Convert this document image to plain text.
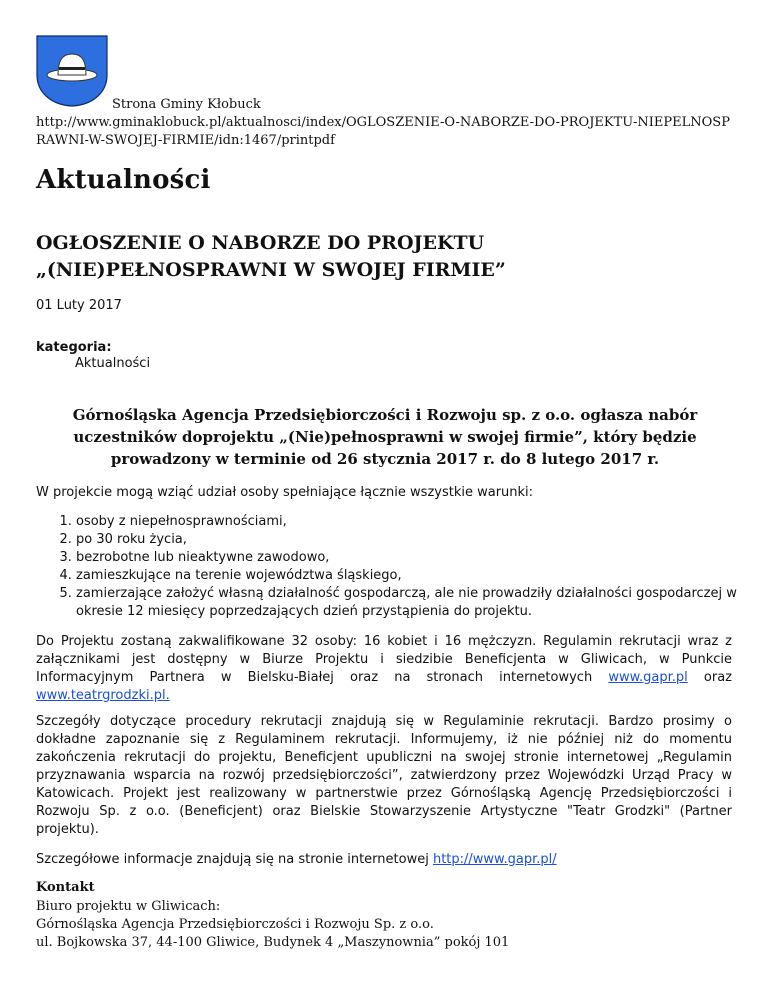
Strona Gminy Kłobuck
http://www.gminaklobuck.pl/aktualnosci/index/OGLOSZENIE-O-NABORZE-DO-PROJEKTU-NIEPELNOSPRAWNI-W-SWOJEJ-FIRMIE/idn:1467/printpdf
Aktualności
OGŁOSZENIE O NABORZE DO PROJEKTU „(NIE)PEŁNOSPRAWNI W SWOJEJ FIRMIE”
01 Luty 2017
kategoria:
Aktualności

Górnośląska Agencja Przedsiębiorczości i Rozwoju sp. z o.o. ogłasza nabór uczestników doprojektu „(Nie)pełnosprawni w swojej firmie”, który będzie prowadzony w terminie od 26 stycznia 2017 r. do 8 lutego 2017 r.

W projekcie mogą wziąć udział osoby spełniające łącznie wszystkie warunki:

1. osoby z niepełnosprawnościami,
2. po 30 roku życia,
3. bezrobotne lub nieaktywne zawodowo,
4. zamieszkujące na terenie województwa śląskiego,
5. zamierzające założyć własną działalność gospodarczą, ale nie prowadziły działalności gospodarczej w okresie 12 miesięcy poprzedzających dzień przystąpienia do projektu.

Do Projektu zostaną zakwalifikowane 32 osoby: 16 kobiet i 16 mężczyzn. Regulamin rekrutacji wraz z załącznikami jest dostępny w Biurze Projektu i siedzibie Beneficjenta w Gliwicach, w Punkcie Informacyjnym Partnera w Bielsku-Białej oraz na stronach internetowych www.gapr.pl oraz www.teatrgrodzki.pl.

Szczegóły dotyczące procedury rekrutacji znajdują się w Regulaminie rekrutacji. Bardzo prosimy o dokładne zapoznanie się z Regulaminem rekrutacji. Informujemy, iż nie później niż do momentu zakończenia rekrutacji do projektu, Beneficjent upubliczni na swojej stronie internetowej „Regulamin przyznawania wsparcia na rozwój przedsiębiorczości”, zatwierdzony przez Wojewódzki Urząd Pracy w Katowicach. Projekt jest realizowany w partnerstwie przez Górnośląską Agencję Przedsiębiorczości i Rozwoju Sp. z o.o. (Beneficjent) oraz Bielskie Stowarzyszenie Artystyczne "Teatr Grodzki" (Partner projektu).

Szczegółowe informacje znajdują się na stronie internetowej http://www.gapr.pl/

Kontakt
Biuro projektu w Gliwicach:
Górnośląska Agencja Przedsiębiorczości i Rozwoju Sp. z o.o.
ul. Bojkowska 37, 44-100 Gliwice, Budynek 4 „Maszynownia” pokój 101
